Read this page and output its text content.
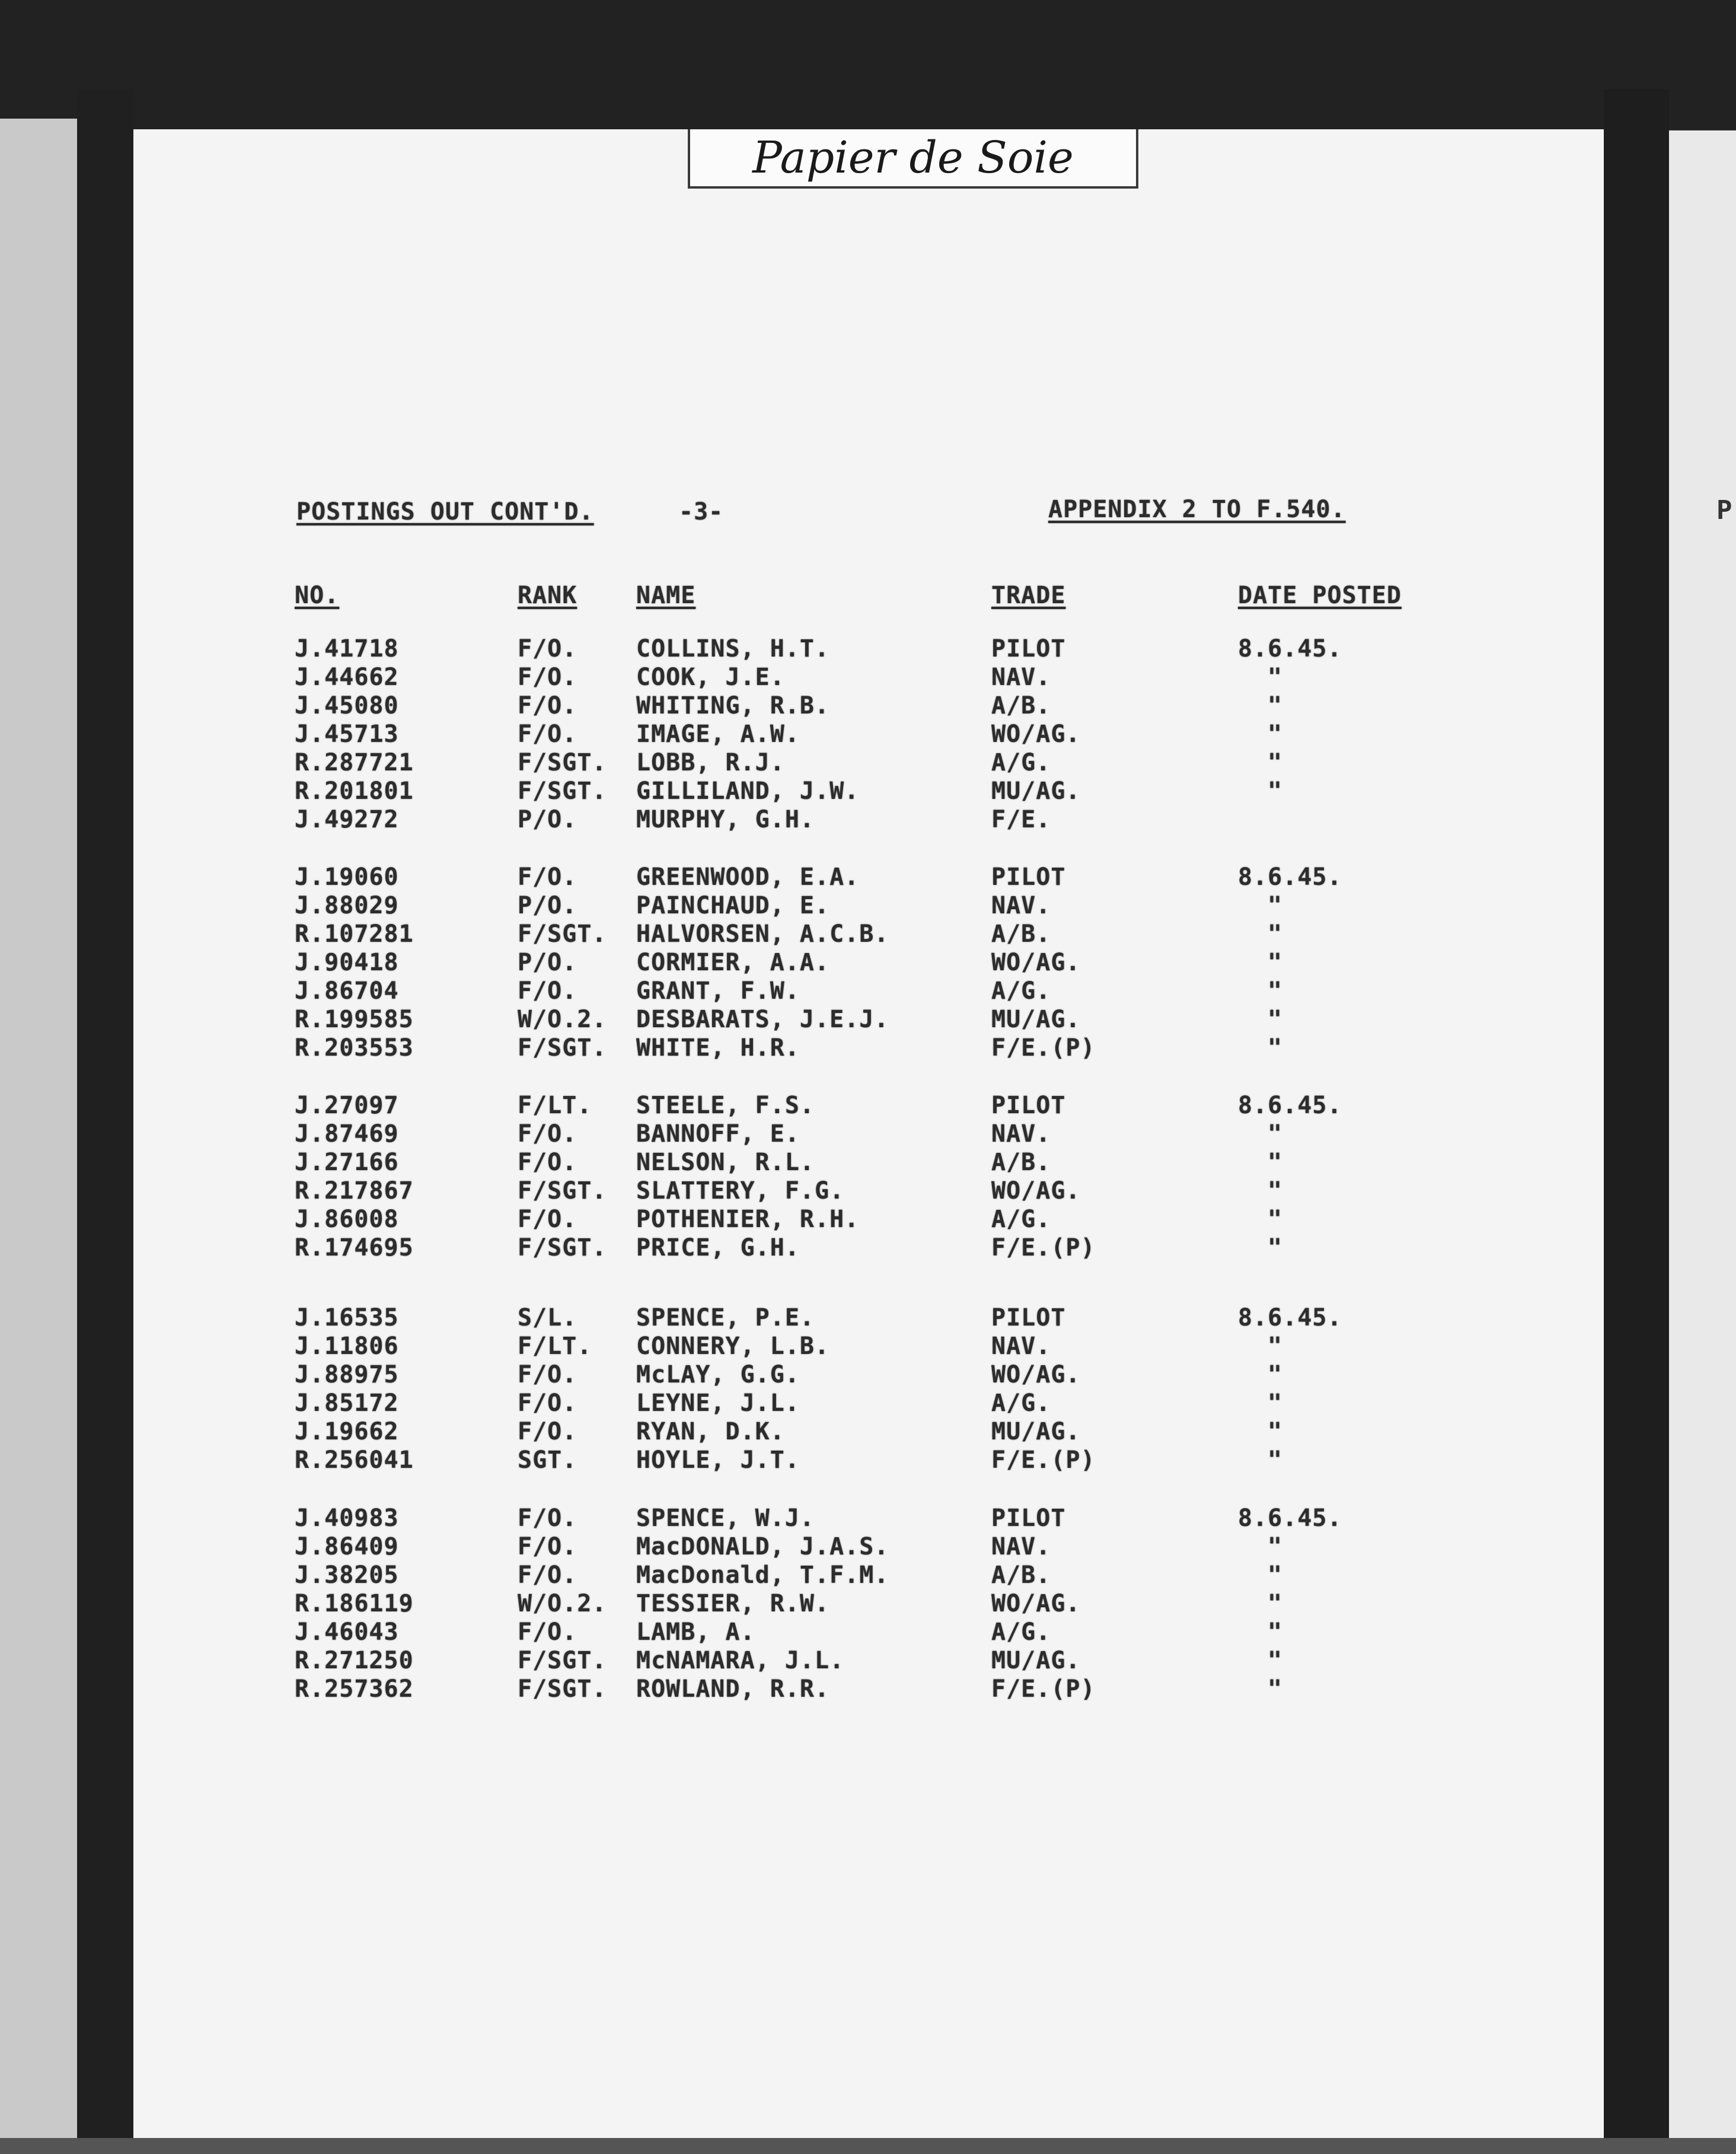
P
Papier de Soie
POSTINGS OUT CONT'D.	-3-	APPENDIX 2 TO F.540.
NO.	RANK NAME	TRADE	DATE POSTED
J.41718	F/O. COLLINS, H.T.	PILOT	8.6.45.
J.44662	F/O. COOK, J.E.	NAV.	"
J.45080	F/O. WHITING, R.B.	A/B.	"
J.45713	F/O. IMAGE, A.W.	WO/AG.	"
R.287721	F/SGT. LOBB, R.J.	A/G.	"
R.201801	F/SGT. GILLILAND, J.W.	MU/AG.	"
J.49272	P/O. MURPHY, G.H.	F/E.
J.19060	F/O. GREENWOOD, E.A.	PILOT	8.6.45.
J.88029	P/O. PAINCHAUD, E.	NAV.	"
R.107281	F/SGT. HALVORSEN, A.C.B.	A/B.	"
J.90418	P/O. CORMIER, A.A.	WO/AG.	"
J.86704	F/O. GRANT, F.W.	A/G.	"
R.199585	W/O.2. DESBARATS, J.E.J.	MU/AG.	"
R.203553	F/SGT. WHITE, H.R.	F/E.(P)	"
J.27097	F/LT. STEELE, F.S.	PILOT	8.6.45.
J.87469	F/O. BANNOFF, E.	NAV.	"
J.27166	F/O. NELSON, R.L.	A/B.	"
R.217867	F/SGT. SLATTERY, F.G.	WO/AG.	"
J.86008	F/O. POTHENIER, R.H.	A/G.	"
R.174695	F/SGT. PRICE, G.H.	F/E.(P)	"
J.16535	S/L. SPENCE, P.E.	PILOT	8.6.45.
J.11806	F/LT. CONNERY, L.B.	NAV.	"
J.88975	F/O. McLAY, G.G.	WO/AG.	"
J.85172	F/O. LEYNE, J.L.	A/G.	"
J.19662	F/O. RYAN, D.K.	MU/AG.	"
R.256041	SGT. HOYLE, J.T.	F/E.(P)	"
J.40983	F/O. SPENCE, W.J.	PILOT	8.6.45.
J.86409	F/O. MacDONALD, J.A.S.	NAV.	"
J.38205	F/O. MacDonald, T.F.M.	A/B.	"
R.186119	W/O.2. TESSIER, R.W.	WO/AG.	"
J.46043	F/O. LAMB, A.	A/G.	"
R.271250	F/SGT. McNAMARA, J.L.	MU/AG.	"
R.257362	F/SGT. ROWLAND, R.R.	F/E.(P)	"
